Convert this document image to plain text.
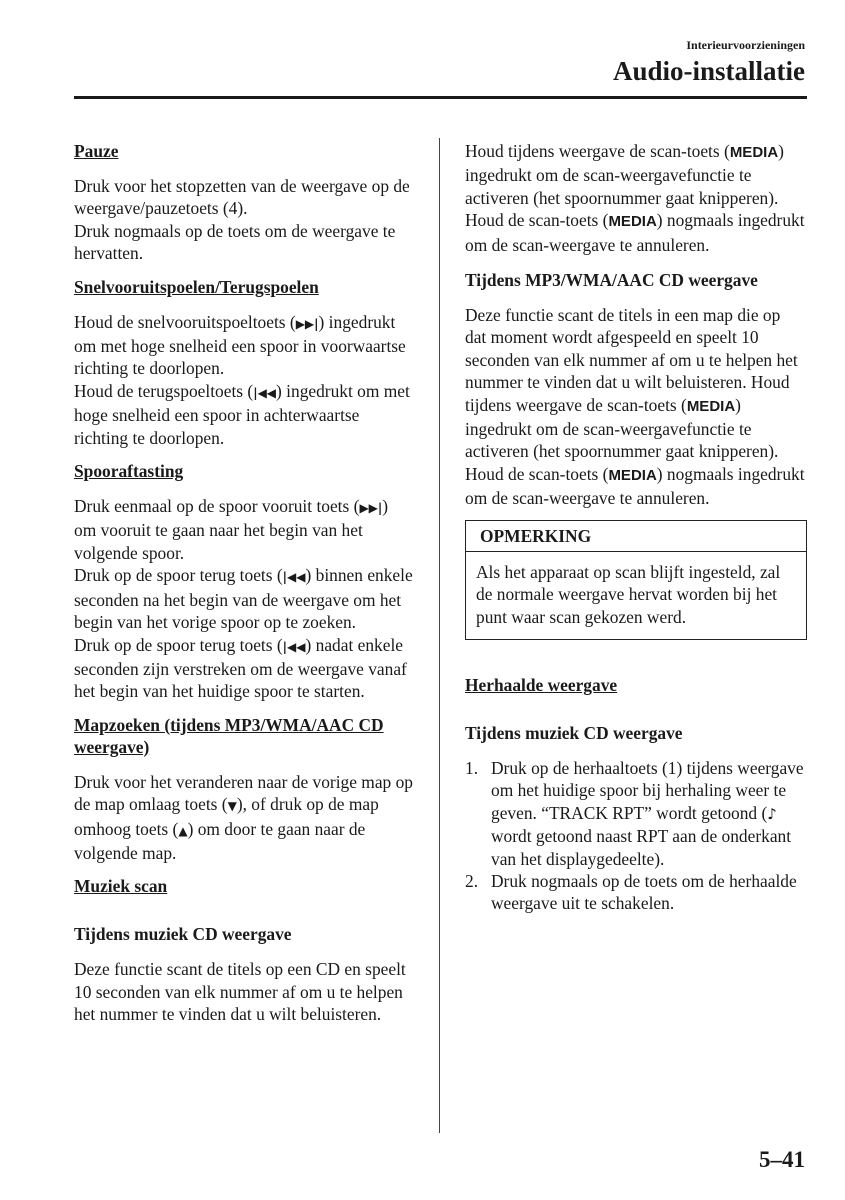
Interieurvoorzieningen
Audio-installatie

Pauze

Druk voor het stopzetten van de weergave op de weergave/pauzetoets (4).

Druk nogmaals op de toets om de weergave te hervatten.

Snelvooruitspoelen/Terugspoelen

Houd de snelvooruitspoeltoets (▶▶|) ingedrukt om met hoge snelheid een spoor in voorwaartse richting te doorlopen.

Houd de terugspoeltoets (|◀◀) ingedrukt om met hoge snelheid een spoor in achterwaartse richting te doorlopen.

Spooraftasting

Druk eenmaal op de spoor vooruit toets (▶▶|) om vooruit te gaan naar het begin van het volgende spoor.

Druk op de spoor terug toets (|◀◀) binnen enkele seconden na het begin van de weergave om het begin van het vorige spoor op te zoeken.

Druk op de spoor terug toets (|◀◀) nadat enkele seconden zijn verstreken om de weergave vanaf het begin van het huidige spoor te starten.

Mapzoeken (tijdens MP3/WMA/AAC CD weergave)

Druk voor het veranderen naar de vorige map op de map omlaag toets (▼), of druk op de map omhoog toets (▲) om door te gaan naar de volgende map.

Muziek scan

Tijdens muziek CD weergave

Deze functie scant de titels op een CD en speelt 10 seconden van elk nummer af om u te helpen het nummer te vinden dat u wilt beluisteren.

Houd tijdens weergave de scan-toets (MEDIA) ingedrukt om de scan-weergavefunctie te activeren (het spoornummer gaat knipperen). Houd de scan-toets (MEDIA) nogmaals ingedrukt om de scan-weergave te annuleren.

Tijdens MP3/WMA/AAC CD weergave

Deze functie scant de titels in een map die op dat moment wordt afgespeeld en speelt 10 seconden van elk nummer af om u te helpen het nummer te vinden dat u wilt beluisteren. Houd tijdens weergave de scan-toets (MEDIA) ingedrukt om de scan-weergavefunctie te activeren (het spoornummer gaat knipperen).

Houd de scan-toets (MEDIA) nogmaals ingedrukt om de scan-weergave te annuleren.

OPMERKING
Als het apparaat op scan blijft ingesteld, zal de normale weergave hervat worden bij het punt waar scan gekozen werd.

Herhaalde weergave

Tijdens muziek CD weergave

1. Druk op de herhaaltoets (1) tijdens weergave om het huidige spoor bij herhaling weer te geven. “TRACK RPT” wordt getoond (♪ wordt getoond naast RPT aan de onderkant van het displaygedeelte).
2. Druk nogmaals op de toets om de herhaalde weergave uit te schakelen.
5–41
